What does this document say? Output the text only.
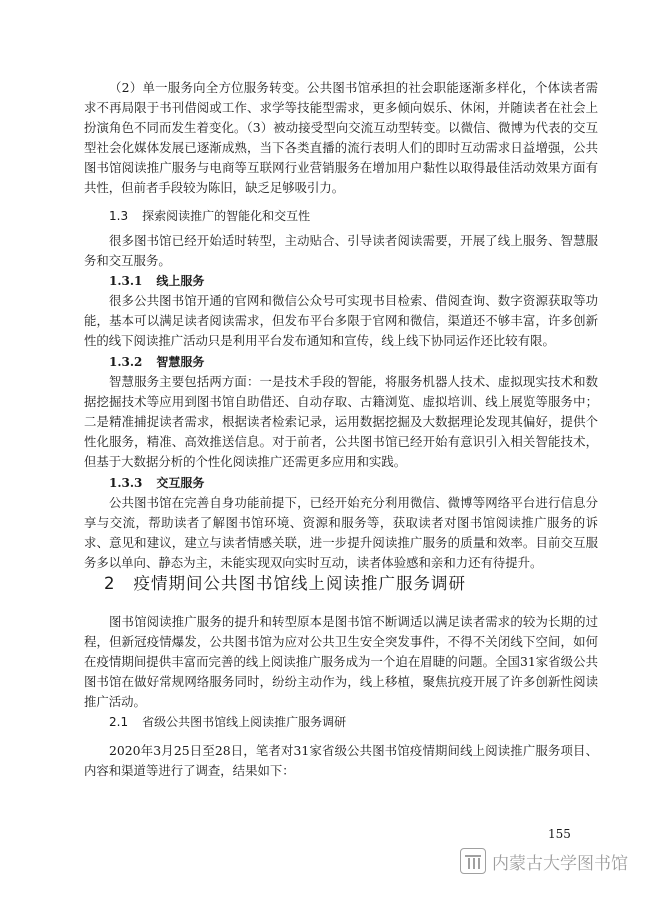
（2）单一服务向全方位服务转变。公共图书馆承担的社会职能逐渐多样化，个体读者需求不再局限于书刊借阅或工作、求学等技能型需求，更多倾向娱乐、休闲，并随读者在社会上扮演角色不同而发生着变化。（3）被动接受型向交流互动型转变。以微信、微博为代表的交互型社会化媒体发展已逐渐成熟，当下各类直播的流行表明人们的即时互动需求日益增强，公共图书馆阅读推广服务与电商等互联网行业营销服务在增加用户黏性以取得最佳活动效果方面有共性，但前者手段较为陈旧，缺乏足够吸引力。

1.3 探索阅读推广的智能化和交互性

很多图书馆已经开始适时转型，主动贴合、引导读者阅读需要，开展了线上服务、智慧服务和交互服务。

1.3.1 线上服务

很多公共图书馆开通的官网和微信公众号可实现书目检索、借阅查询、数字资源获取等功能，基本可以满足读者阅读需求，但发布平台多限于官网和微信，渠道还不够丰富，许多创新性的线下阅读推广活动只是利用平台发布通知和宣传，线上线下协同运作还比较有限。

1.3.2 智慧服务

智慧服务主要包括两方面：一是技术手段的智能，将服务机器人技术、虚拟现实技术和数据挖掘技术等应用到图书馆自助借还、自动存取、古籍浏览、虚拟培训、线上展览等服务中；二是精准捕捉读者需求，根据读者检索记录，运用数据挖掘及大数据理论发现其偏好，提供个性化服务，精准、高效推送信息。对于前者，公共图书馆已经开始有意识引入相关智能技术，但基于大数据分析的个性化阅读推广还需更多应用和实践。

1.3.3 交互服务

公共图书馆在完善自身功能前提下，已经开始充分利用微信、微博等网络平台进行信息分享与交流，帮助读者了解图书馆环境、资源和服务等，获取读者对图书馆阅读推广服务的诉求、意见和建议，建立与读者情感关联，进一步提升阅读推广服务的质量和效率。目前交互服务多以单向、静态为主，未能实现双向实时互动，读者体验感和亲和力还有待提升。

2 疫情期间公共图书馆线上阅读推广服务调研

图书馆阅读推广服务的提升和转型原本是图书馆不断调适以满足读者需求的较为长期的过程，但新冠疫情爆发，公共图书馆为应对公共卫生安全突发事件，不得不关闭线下空间，如何在疫情期间提供丰富而完善的线上阅读推广服务成为一个迫在眉睫的问题。全国31家省级公共图书馆在做好常规网络服务同时，纷纷主动作为，线上移植，聚焦抗疫开展了许多创新性阅读推广活动。

2.1 省级公共图书馆线上阅读推广服务调研

2020年3月25日至28日，笔者对31家省级公共图书馆疫情期间线上阅读推广服务项目、内容和渠道等进行了调查，结果如下：

155
内蒙古大学图书馆
